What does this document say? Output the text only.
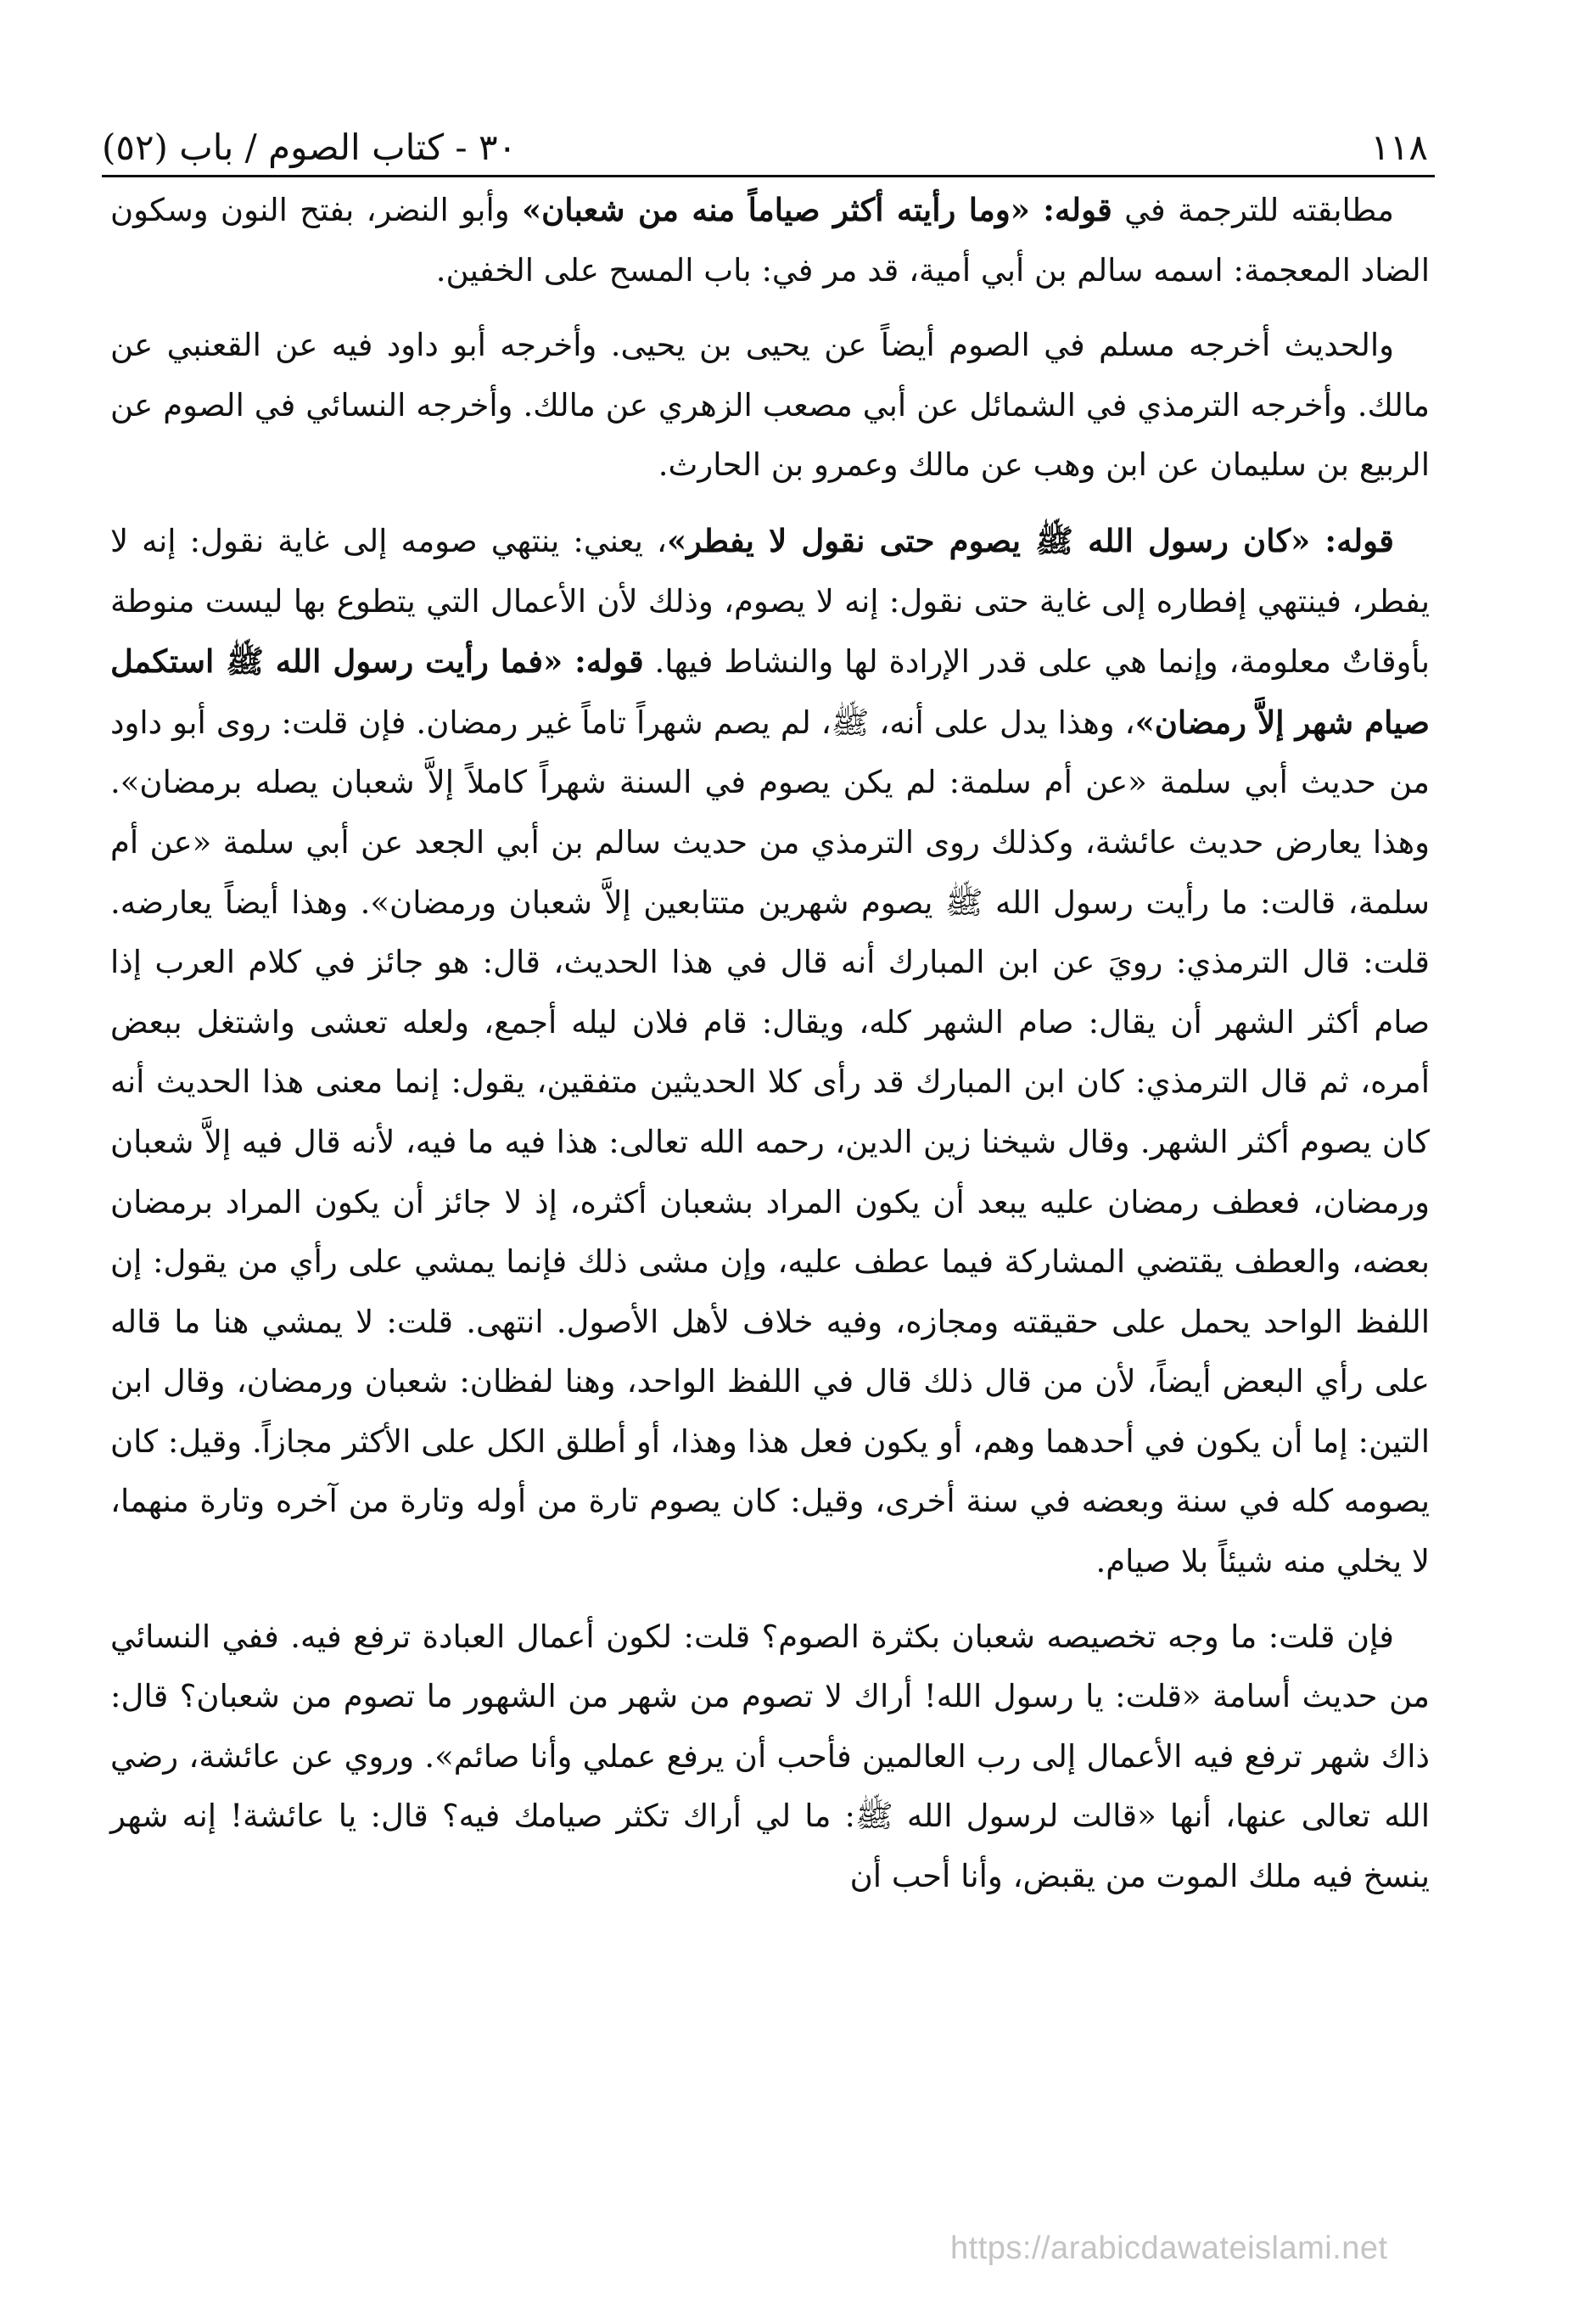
١١٨
٣٠ - كتاب الصوم / باب (٥٢)

مطابقته للترجمة في قوله: «وما رأيته أكثر صياماً منه من شعبان» وأبو النضر، بفتح النون وسكون الضاد المعجمة: اسمه سالم بن أبي أمية، قد مر في: باب المسح على الخفين.

والحديث أخرجه مسلم في الصوم أيضاً عن يحيى بن يحيى. وأخرجه أبو داود فيه عن القعنبي عن مالك. وأخرجه الترمذي في الشمائل عن أبي مصعب الزهري عن مالك. وأخرجه النسائي في الصوم عن الربيع بن سليمان عن ابن وهب عن مالك وعمرو بن الحارث.

قوله: «كان رسول الله ﷺ يصوم حتى نقول لا يفطر»، يعني: ينتهي صومه إلى غاية نقول: إنه لا يفطر، فينتهي إفطاره إلى غاية حتى نقول: إنه لا يصوم، وذلك لأن الأعمال التي يتطوع بها ليست منوطة بأوقاتٌ معلومة، وإنما هي على قدر الإرادة لها والنشاط فيها. قوله: «فما رأيت رسول الله ﷺ استكمل صيام شهر إلاَّ رمضان»، وهذا يدل على أنه، ﷺ، لم يصم شهراً تاماً غير رمضان. فإن قلت: روى أبو داود من حديث أبي سلمة «عن أم سلمة: لم يكن يصوم في السنة شهراً كاملاً إلاَّ شعبان يصله برمضان». وهذا يعارض حديث عائشة، وكذلك روى الترمذي من حديث سالم بن أبي الجعد عن أبي سلمة «عن أم سلمة، قالت: ما رأيت رسول الله ﷺ يصوم شهرين متتابعين إلاَّ شعبان ورمضان». وهذا أيضاً يعارضه. قلت: قال الترمذي: رويَ عن ابن المبارك أنه قال في هذا الحديث، قال: هو جائز في كلام العرب إذا صام أكثر الشهر أن يقال: صام الشهر كله، ويقال: قام فلان ليله أجمع، ولعله تعشى واشتغل ببعض أمره، ثم قال الترمذي: كان ابن المبارك قد رأى كلا الحديثين متفقين، يقول: إنما معنى هذا الحديث أنه كان يصوم أكثر الشهر. وقال شيخنا زين الدين، رحمه الله تعالى: هذا فيه ما فيه، لأنه قال فيه إلاَّ شعبان ورمضان، فعطف رمضان عليه يبعد أن يكون المراد بشعبان أكثره، إذ لا جائز أن يكون المراد برمضان بعضه، والعطف يقتضي المشاركة فيما عطف عليه، وإن مشى ذلك فإنما يمشي على رأي من يقول: إن اللفظ الواحد يحمل على حقيقته ومجازه، وفيه خلاف لأهل الأصول. انتهى. قلت: لا يمشي هنا ما قاله على رأي البعض أيضاً، لأن من قال ذلك قال في اللفظ الواحد، وهنا لفظان: شعبان ورمضان، وقال ابن التين: إما أن يكون في أحدهما وهم، أو يكون فعل هذا وهذا، أو أطلق الكل على الأكثر مجازاً. وقيل: كان يصومه كله في سنة وبعضه في سنة أخرى، وقيل: كان يصوم تارة من أوله وتارة من آخره وتارة منهما، لا يخلي منه شيئاً بلا صيام.

فإن قلت: ما وجه تخصيصه شعبان بكثرة الصوم؟ قلت: لكون أعمال العبادة ترفع فيه. ففي النسائي من حديث أسامة «قلت: يا رسول الله! أراك لا تصوم من شهر من الشهور ما تصوم من شعبان؟ قال: ذاك شهر ترفع فيه الأعمال إلى رب العالمين فأحب أن يرفع عملي وأنا صائم». وروي عن عائشة، رضي الله تعالى عنها، أنها «قالت لرسول الله ﷺ: ما لي أراك تكثر صيامك فيه؟ قال: يا عائشة! إنه شهر ينسخ فيه ملك الموت من يقبض، وأنا أحب أن

https://arabicdawateislami.net
